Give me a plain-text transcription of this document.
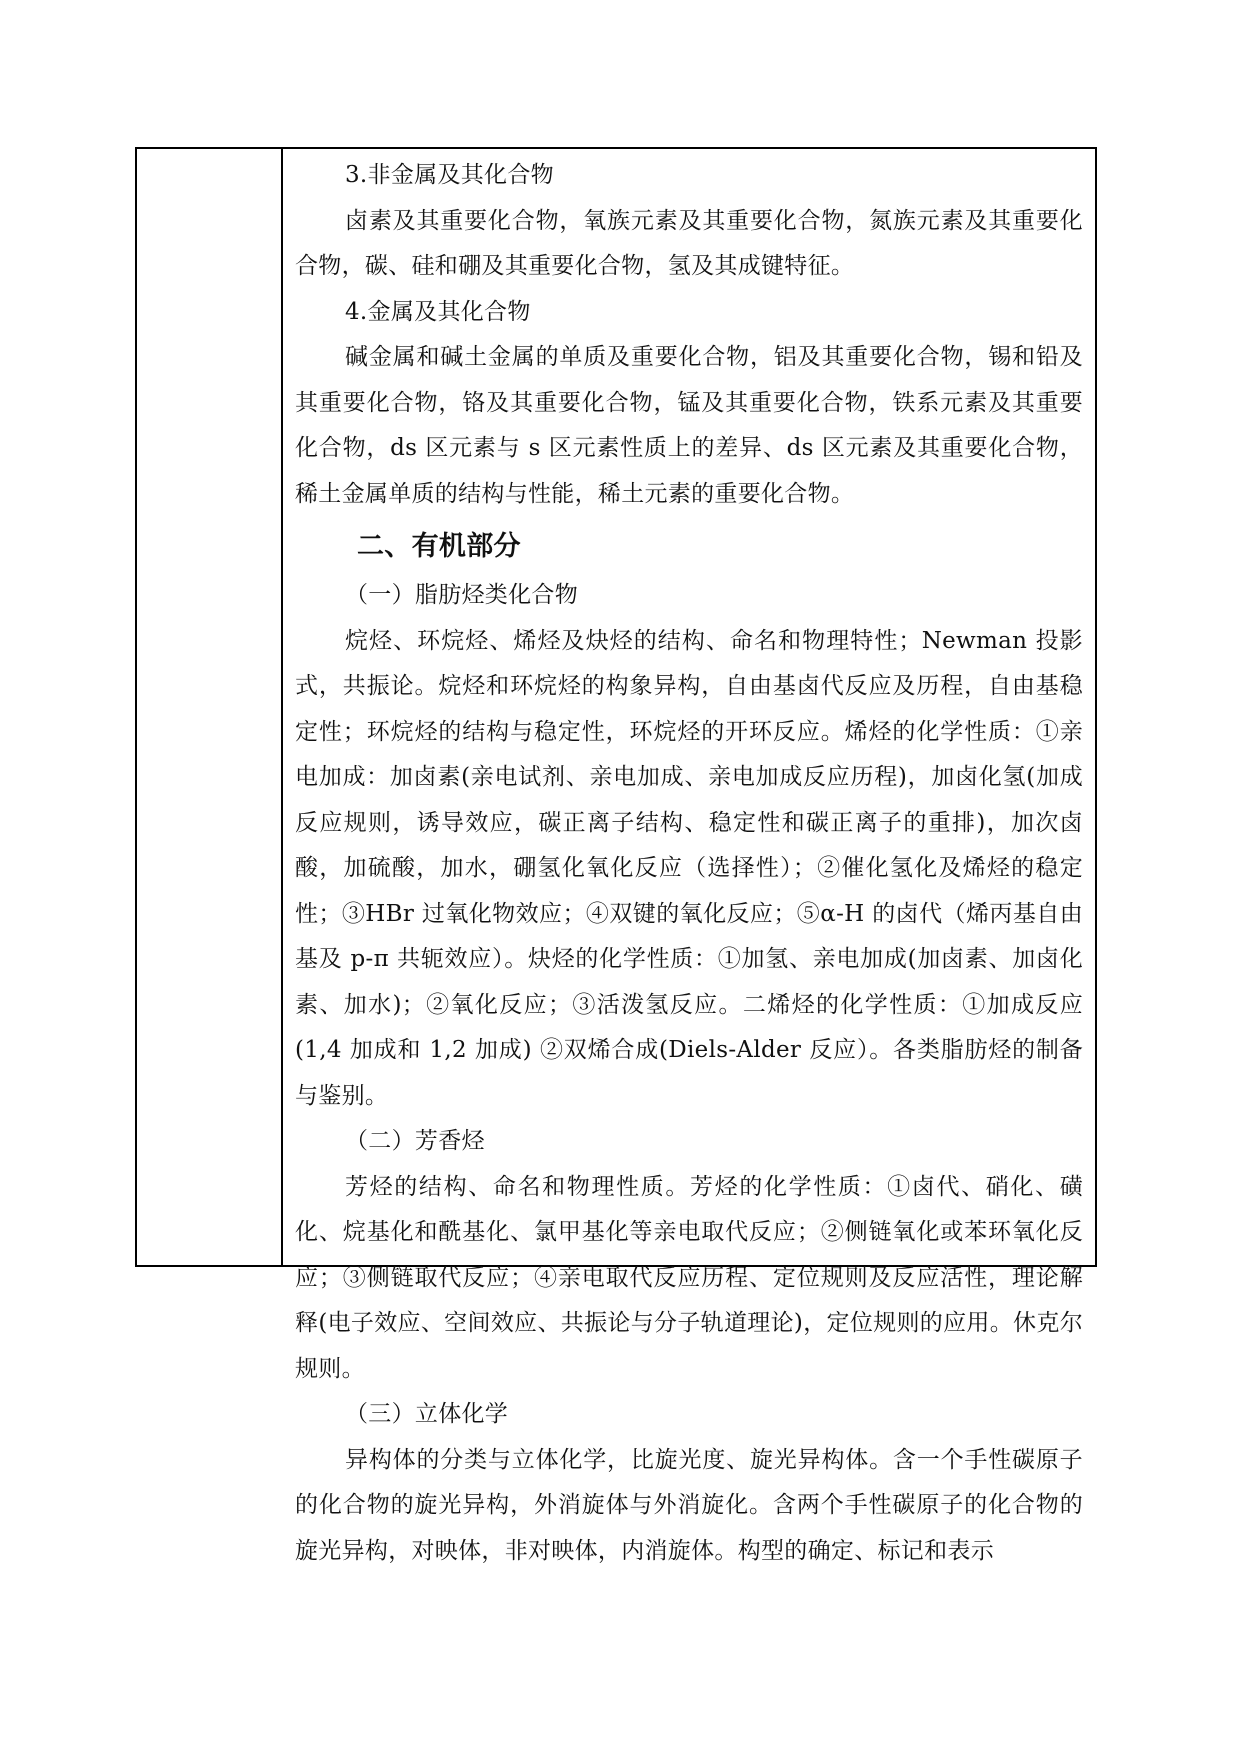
3.非金属及其化合物

卤素及其重要化合物，氧族元素及其重要化合物，氮族元素及其重要化合物，碳、硅和硼及其重要化合物，氢及其成键特征。

4.金属及其化合物

碱金属和碱土金属的单质及重要化合物，铝及其重要化合物，锡和铅及其重要化合物，铬及其重要化合物，锰及其重要化合物，铁系元素及其重要化合物，ds 区元素与 s 区元素性质上的差异、ds 区元素及其重要化合物，稀土金属单质的结构与性能，稀土元素的重要化合物。

二、有机部分

（一）脂肪烃类化合物

烷烃、环烷烃、烯烃及炔烃的结构、命名和物理特性；Newman 投影式，共振论。烷烃和环烷烃的构象异构，自由基卤代反应及历程，自由基稳定性；环烷烃的结构与稳定性，环烷烃的开环反应。烯烃的化学性质：①亲电加成：加卤素(亲电试剂、亲电加成、亲电加成反应历程)，加卤化氢(加成反应规则，诱导效应，碳正离子结构、稳定性和碳正离子的重排)，加次卤酸，加硫酸，加水，硼氢化氧化反应（选择性）；②催化氢化及烯烃的稳定性；③HBr 过氧化物效应；④双键的氧化反应；⑤α-H 的卤代（烯丙基自由基及 p-π 共轭效应）。炔烃的化学性质：①加氢、亲电加成(加卤素、加卤化素、加水)；②氧化反应；③活泼氢反应。二烯烃的化学性质：①加成反应(1,4 加成和 1,2 加成) ②双烯合成(Diels-Alder 反应）。各类脂肪烃的制备与鉴别。

（二）芳香烃

芳烃的结构、命名和物理性质。芳烃的化学性质：①卤代、硝化、磺化、烷基化和酰基化、氯甲基化等亲电取代反应；②侧链氧化或苯环氧化反应；③侧链取代反应；④亲电取代反应历程、定位规则及反应活性，理论解释(电子效应、空间效应、共振论与分子轨道理论)，定位规则的应用。休克尔规则。

（三）立体化学

异构体的分类与立体化学，比旋光度、旋光异构体。含一个手性碳原子的化合物的旋光异构，外消旋体与外消旋化。含两个手性碳原子的化合物的旋光异构，对映体，非对映体，内消旋体。构型的确定、标记和表示
